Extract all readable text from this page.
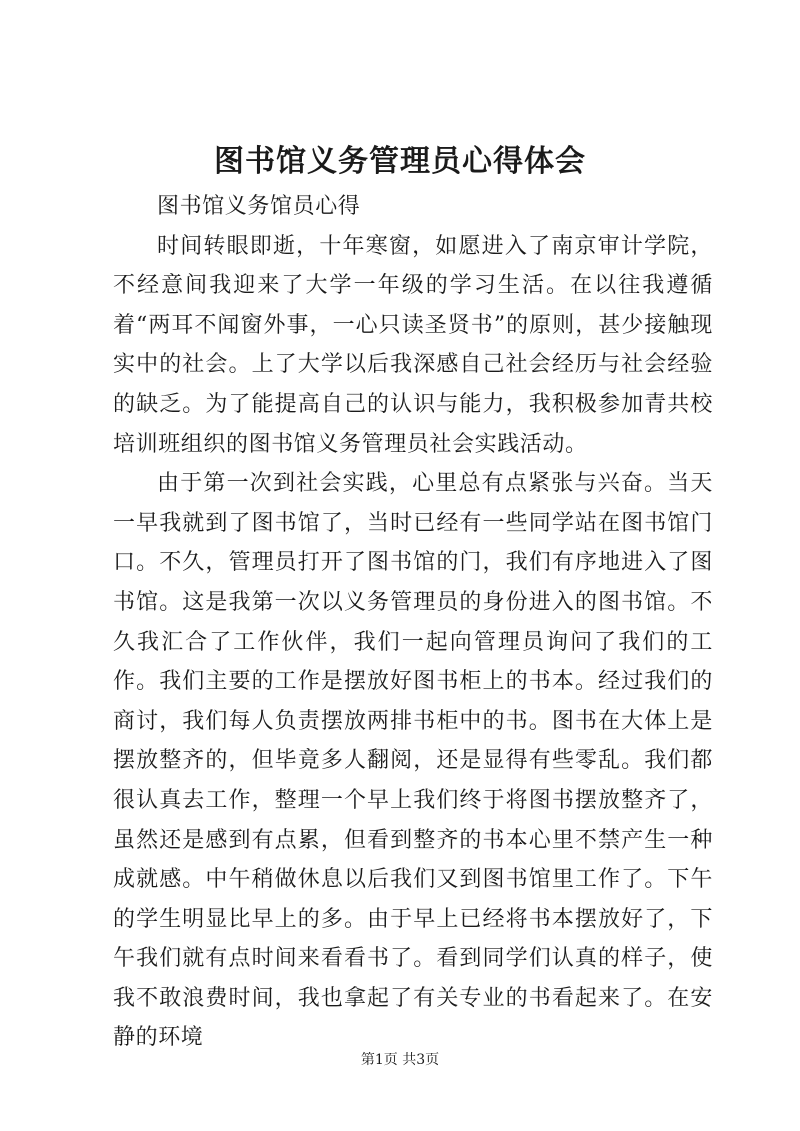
图书馆义务管理员心得体会

图书馆义务馆员心得

时间转眼即逝，十年寒窗，如愿进入了南京审计学院，不经意间我迎来了大学一年级的学习生活。在以往我遵循着“两耳不闻窗外事，一心只读圣贤书”的原则，甚少接触现实中的社会。上了大学以后我深感自己社会经历与社会经验的缺乏。为了能提高自己的认识与能力，我积极参加青共校培训班组织的图书馆义务管理员社会实践活动。

由于第一次到社会实践，心里总有点紧张与兴奋。当天一早我就到了图书馆了，当时已经有一些同学站在图书馆门口。不久，管理员打开了图书馆的门，我们有序地进入了图书馆。这是我第一次以义务管理员的身份进入的图书馆。不久我汇合了工作伙伴，我们一起向管理员询问了我们的工作。我们主要的工作是摆放好图书柜上的书本。经过我们的商讨，我们每人负责摆放两排书柜中的书。图书在大体上是摆放整齐的，但毕竟多人翻阅，还是显得有些零乱。我们都很认真去工作，整理一个早上我们终于将图书摆放整齐了，虽然还是感到有点累，但看到整齐的书本心里不禁产生一种成就感。中午稍做休息以后我们又到图书馆里工作了。下午的学生明显比早上的多。由于早上已经将书本摆放好了，下午我们就有点时间来看看书了。看到同学们认真的样子，使我不敢浪费时间，我也拿起了有关专业的书看起来了。在安静的环境

第1页 共3页
